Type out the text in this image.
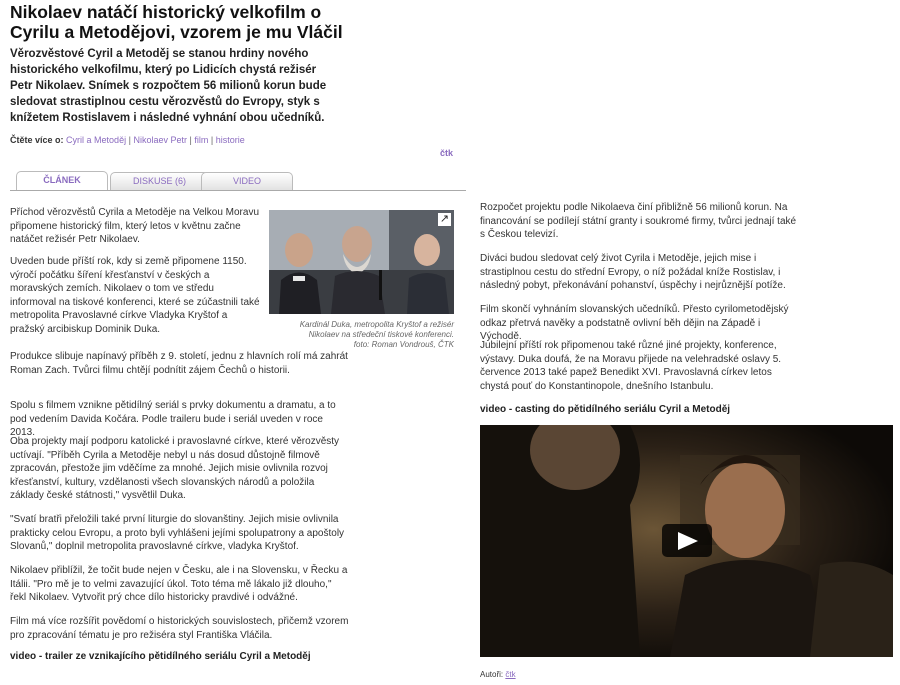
Nikolaev natáčí historický velkofilm o Cyrilu a Metodějovi, vzorem je mu Vláčil

Věrozvěstové Cyril a Metoděj se stanou hrdiny nového historického velkofilmu, který po Lidicích chystá režisér Petr Nikolaev. Snímek s rozpočtem 56 milionů korun bude sledovat strastiplnou cestu věrozvěstů do Evropy, styk s knížetem Rostislavem i následné vyhnání obou učedníků.

Čtěte více o: Cyril a Metoděj | Nikolaev Petr | film | historie
čtk
ČLÁNEK	DISKUSE (6)	VIDEO
↗
Kardinál Duka, metropolita Kryštof a režisér Nikolaev na středeční tiskové konferenci.
foto: Roman Vondrouš, ČTK

Příchod věrozvěstů Cyrila a Metoděje na Velkou Moravu připomene historický film, který letos v květnu začne natáčet režisér Petr Nikolaev.

Uveden bude příští rok, kdy si země připomene 1150. výročí počátku šíření křesťanství v českých a moravských zemích. Nikolaev o tom ve středu informoval na tiskové konferenci, které se zúčastnili také metropolita Pravoslavné církve Vladyka Kryštof a pražský arcibiskup Dominik Duka.

Produkce slibuje napínavý příběh z 9. století, jednu z hlavních rolí má zahrát Roman Zach. Tvůrci filmu chtějí podnítit zájem Čechů o historii.

Spolu s filmem vznikne pětidílný seriál s prvky dokumentu a dramatu, a to pod vedením Davida Kočára. Podle traileru bude i seriál uveden v roce 2013.

Oba projekty mají podporu katolické i pravoslavné církve, které věrozvěsty uctívají. "Příběh Cyrila a Metoděje nebyl u nás dosud důstojně filmově zpracován, přestože jim vděčíme za mnohé. Jejich misie ovlivnila rozvoj křesťanství, kultury, vzdělanosti všech slovanských národů a položila základy české státnosti," vysvětlil Duka.

"Svatí bratři přeložili také první liturgie do slovanštiny. Jejich misie ovlivnila prakticky celou Evropu, a proto byli vyhlášeni jejími spolupatrony a apoštoly Slovanů," doplnil metropolita pravoslavné církve, vladyka Kryštof.

Nikolaev přiblížil, že točit bude nejen v Česku, ale i na Slovensku, v Řecku a Itálii. "Pro mě je to velmi zavazující úkol. Toto téma mě lákalo již dlouho," řekl Nikolaev. Vytvořit prý chce dílo historicky pravdivé i odvážné.

Film má více rozšířit povědomí o historických souvislostech, přičemž vzorem pro zpracování tématu je pro režiséra styl Františka Vláčila.

video - trailer ze vznikajícího pětidílného seriálu Cyril a Metoděj

Rozpočet projektu podle Nikolaeva činí přibližně 56 milionů korun. Na financování se podílejí státní granty i soukromé firmy, tvůrci jednají také s Českou televizí.

Diváci budou sledovat celý život Cyrila i Metoděje, jejich mise i strastiplnou cestu do střední Evropy, o níž požádal kníže Rostislav, i následný pobyt, překonávání pohanství, úspěchy i nejrůznější potíže.

Film skončí vyhnáním slovanských učedníků. Přesto cyrilometodějský odkaz přetrvá navěky a podstatně ovlivní běh dějin na Západě i Východě.

Jubilejní příští rok připomenou také různé jiné projekty, konference, výstavy. Duka doufá, že na Moravu přijede na velehradské oslavy 5. července 2013 také papež Benedikt XVI. Pravoslavná církev letos chystá pouť do Konstantinopole, dnešního Istanbulu.

video - casting do pětidílného seriálu Cyril a Metoděj
Autoři: čtk
